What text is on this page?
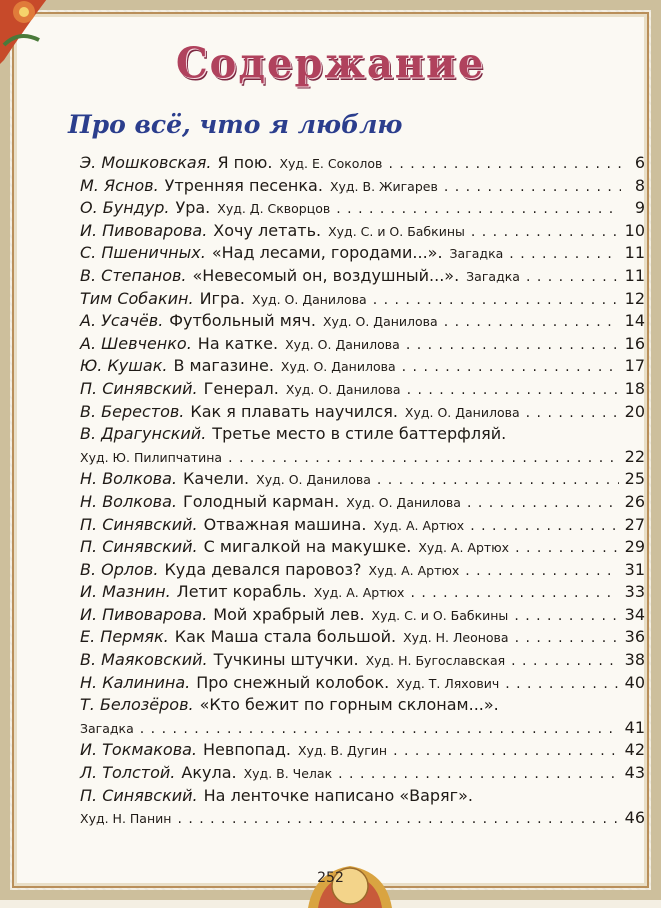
Содержание
Про всё, что я люблю
Э. Мошковская. Я пою. Худ. Е. Соколов . . .	6
М. Яснов. Утренняя песенка. Худ. В. Жигарев . . .	8
О. Бундур. Ура. Худ. Д. Скворцов . . .	9
И. Пивоварова. Хочу летать. Худ. С. и О. Бабкины . . .	10
С. Пшеничных. «Над лесами, городами...». Загадка . . .	11
В. Степанов. «Невесомый он, воздушный...». Загадка . . .	11
Тим Собакин. Игра. Худ. О. Данилова . . .	12
А. Усачёв. Футбольный мяч. Худ. О. Данилова . . .	14
А. Шевченко. На катке. Худ. О. Данилова . . .	16
Ю. Кушак. В магазине. Худ. О. Данилова . . .	17
П. Синявский. Генерал. Худ. О. Данилова . . .	18
В. Берестов. Как я плавать научился. Худ. О. Данилова . . .	20
В. Драгунский. Третье место в стиле баттерфляй.
Худ. Ю. Пилипчатина . . .	22
Н. Волкова. Качели. Худ. О. Данилова . . .	25
Н. Волкова. Голодный карман. Худ. О. Данилова . . .	26
П. Синявский. Отважная машина. Худ. А. Артюх . . .	27
П. Синявский. С мигалкой на макушке. Худ. А. Артюх . . .	29
В. Орлов. Куда девался паровоз? Худ. А. Артюх . . .	31
И. Мазнин. Летит корабль. Худ. А. Артюх . . .	33
И. Пивоварова. Мой храбрый лев. Худ. С. и О. Бабкины . . .	34
Е. Пермяк. Как Маша стала большой. Худ. Н. Леонова . . .	36
В. Маяковский. Тучкины штучки. Худ. Н. Бугославская . . .	38
Н. Калинина. Про снежный колобок. Худ. Т. Ляхович . . .	40
Т. Белозёров. «Кто бежит по горным склонам...».
Загадка . . .	41
И. Токмакова. Невпопад. Худ. В. Дугин . . .	42
Л. Толстой. Акула. Худ. В. Челак . . .	43
П. Синявский. На ленточке написано «Варяг».
Худ. Н. Панин . . .	46
252
